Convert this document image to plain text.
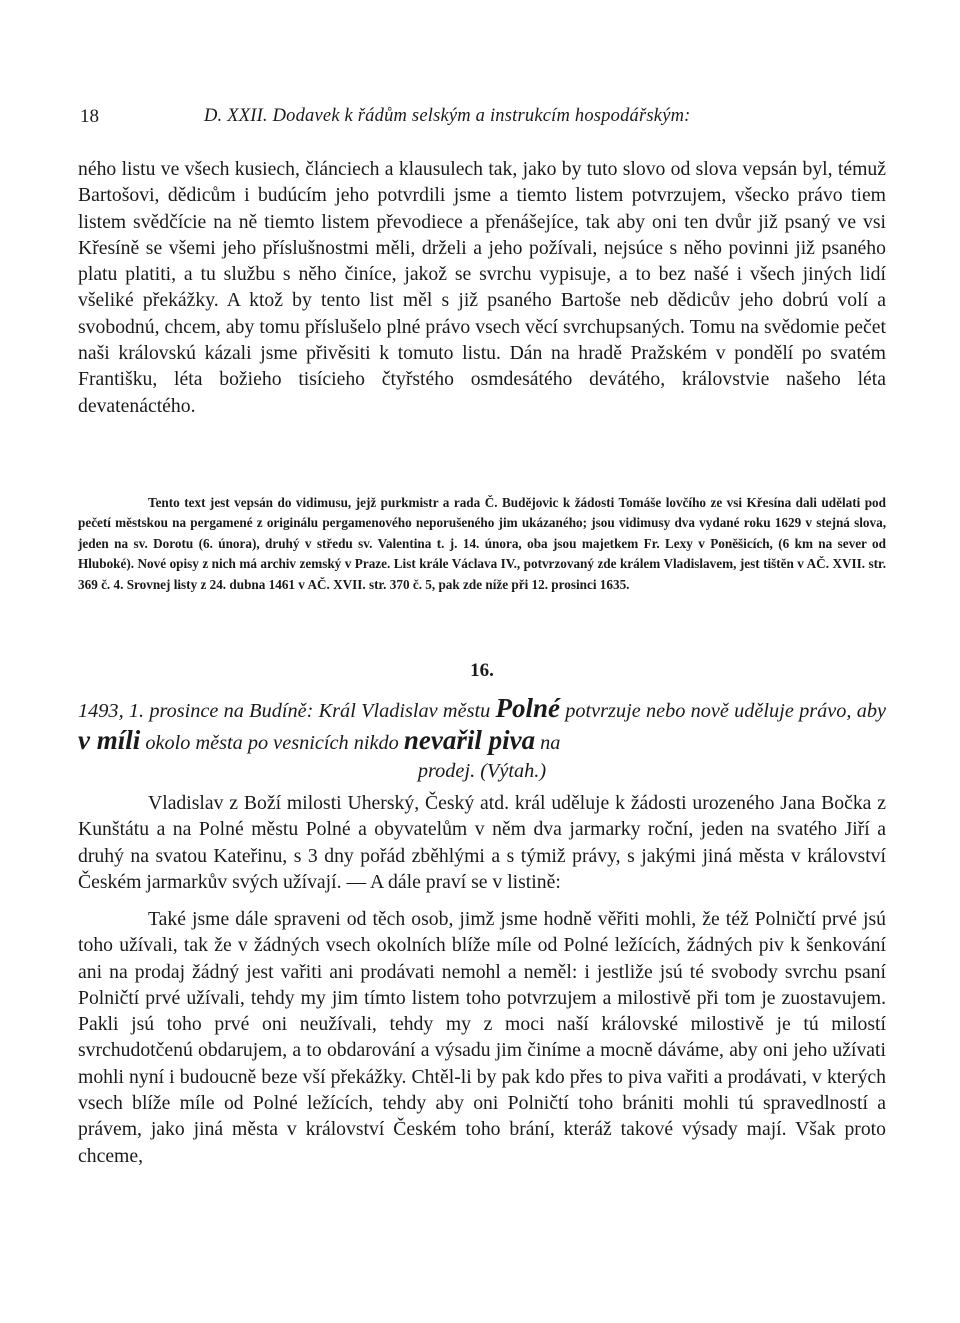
18	D. XXII. Dodavek k řádům selským a instrukcím hospodářským:

ného listu ve všech kusiech, článciech a klausulech tak, jako by tuto slovo od slova vepsán byl, témuž Bartošovi, dědicům i budúcím jeho potvrdili jsme a tiemto listem potvrzujem, všecko právo tiem listem svědčície na ně tiemto listem převodiece a přenášejíce, tak aby oni ten dvůr již psaný ve vsi Křesíně se všemi jeho příslušnostmi měli, drželi a jeho požívali, nejsúce s něho povinni již psaného platu platiti, a tu službu s něho činíce, jakož se svrchu vypisuje, a to bez našé i všech jiných lidí všeliké překážky. A ktož by tento list měl s již psaného Bartoše neb dědicův jeho dobrú volí a svobodnú, chcem, aby tomu příslušelo plné právo vsech věcí svrchupsaných. Tomu na svědomie pečet naši královskú kázali jsme přivěsiti k tomuto listu. Dán na hradě Pražském v pondělí po svatém Františku, léta božieho tisícieho čtyřstého osmdesátého devátého, královstvie našeho léta devatenáctého.

Tento text jest vepsán do vidimusu, jejž purkmistr a rada Č. Budějovic k žádosti Tomáše lovčího ze vsi Křesína dali udělati pod pečetí městskou na pergamené z originálu pergamenového neporušeného jim ukázaného; jsou vidimusy dva vydané roku 1629 v stejná slova, jeden na sv. Dorotu (6. února), druhý v středu sv. Valentina t. j. 14. února, oba jsou majetkem Fr. Lexy v Poněšicích, (6 km na sever od Hluboké). Nové opisy z nich má archiv zemský v Praze. List krále Václava IV., potvrzovaný zde králem Vladislavem, jest tištěn v AČ. XVII. str. 369 č. 4. Srovnej listy z 24. dubna 1461 v AČ. XVII. str. 370 č. 5, pak zde níže při 12. prosinci 1635.

16.
1493, 1. prosince na Budíně: Král Vladislav městu Polné potvrzuje nebo nově uděluje právo, aby v míli okolo města po vesnicích nikdo nevařil piva na
prodej. (Výtah.)

Vladislav z Boží milosti Uherský, Český atd. král uděluje k žádosti urozeného Jana Bočka z Kunštátu a na Polné městu Polné a obyvatelům v něm dva jarmarky roční, jeden na svatého Jiří a druhý na svatou Kateřinu, s 3 dny pořád zběhlými a s týmiž právy, s jakými jiná města v království Českém jarmarkův svých užívají. — A dále praví se v listině:

Také jsme dále spraveni od těch osob, jimž jsme hodně věřiti mohli, že též Polničtí prvé jsú toho užívali, tak že v žádných vsech okolních blíže míle od Polné ležících, žádných piv k šenkování ani na prodaj žádný jest vařiti ani prodávati nemohl a neměl: i jestliže jsú té svobody svrchu psaní Polničtí prvé užívali, tehdy my jim tímto listem toho potvrzujem a milostivě při tom je zuostavujem. Pakli jsú toho prvé oni neužívali, tehdy my z moci naší královské milostivě je tú milostí svrchudotčenú obdarujem, a to obdarování a výsadu jim činíme a mocně dáváme, aby oni jeho užívati mohli nyní i budoucně beze vší překážky. Chtěl-li by pak kdo přes to piva vařiti a prodávati, v kterých vsech blíže míle od Polné ležících, tehdy aby oni Polničtí toho brániti mohli tú spravedlností a právem, jako jiná města v království Českém toho brání, kteráž takové výsady mají. Však proto chceme,
